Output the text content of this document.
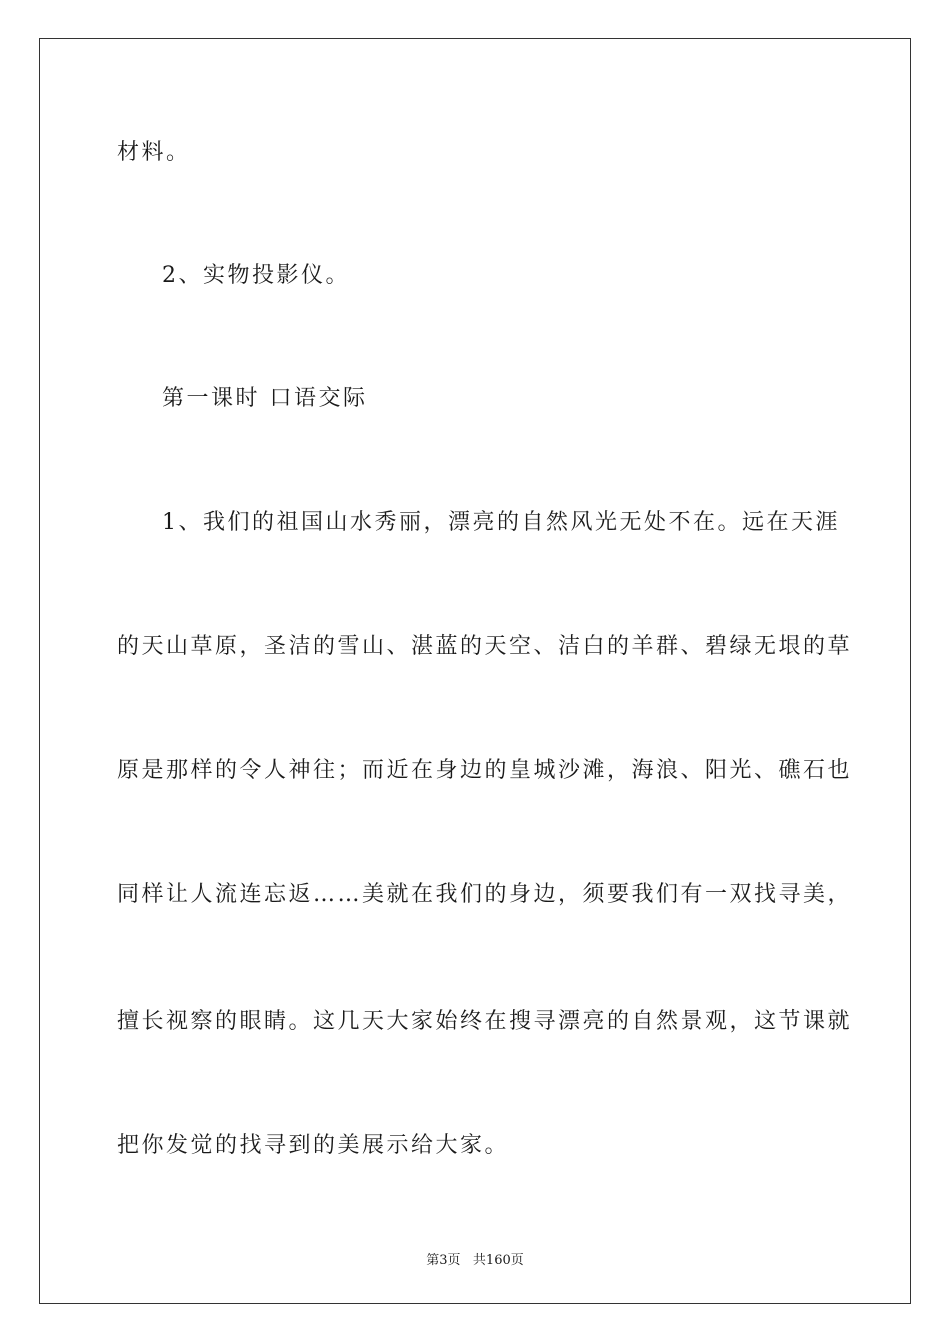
材料。

2、实物投影仪。

第一课时 口语交际

1、我们的祖国山水秀丽，漂亮的自然风光无处不在。远在天涯

的天山草原，圣洁的雪山、湛蓝的天空、洁白的羊群、碧绿无垠的草

原是那样的令人神往；而近在身边的皇城沙滩，海浪、阳光、礁石也

同样让人流连忘返……美就在我们的身边，须要我们有一双找寻美，

擅长视察的眼睛。这几天大家始终在搜寻漂亮的自然景观，这节课就

把你发觉的找寻到的美展示给大家。

第3页 共160页
